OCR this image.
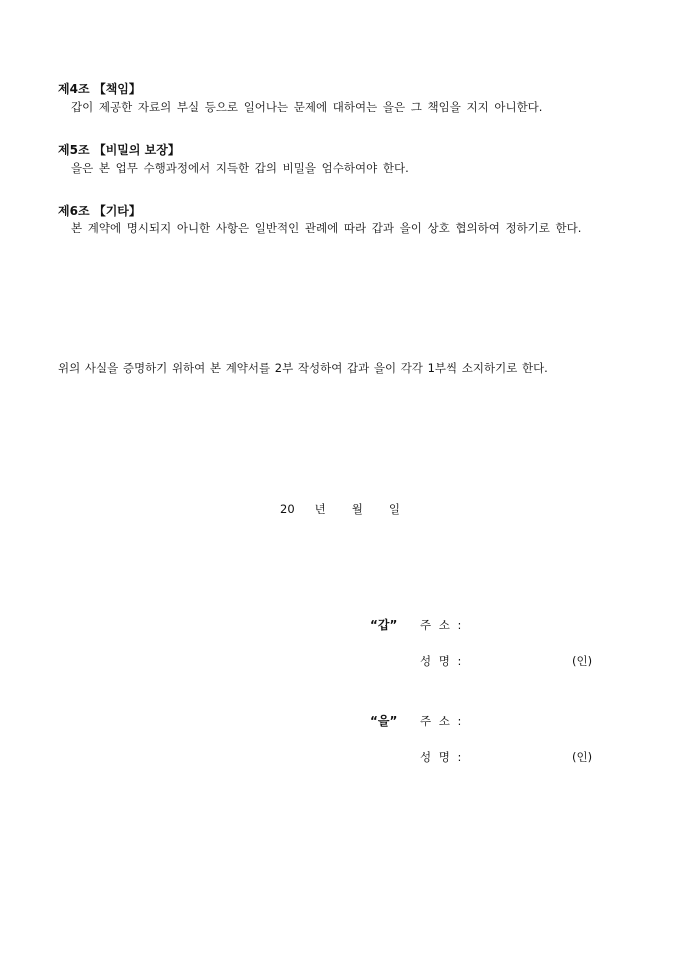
제4조 【책임】
갑이 제공한 자료의 부실 등으로 일어나는 문제에 대하여는 을은 그 책임을 지지 아니한다.
제5조 【비밀의 보장】
을은 본 업무 수행과정에서 지득한 갑의 비밀을 엄수하여야 한다.
제6조 【기타】
본 계약에 명시되지 아니한 사항은 일반적인 관례에 따라 갑과 을이 상호 협의하여 정하기로 한다.
위의 사실을 증명하기 위하여 본 계약서를 2부 작성하여 갑과 을이 각각 1부씩 소지하기로 한다.
20 년 월 일
“갑” 주 소 :
성 명 :	(인)
“을” 주 소 :
성 명 :	(인)
